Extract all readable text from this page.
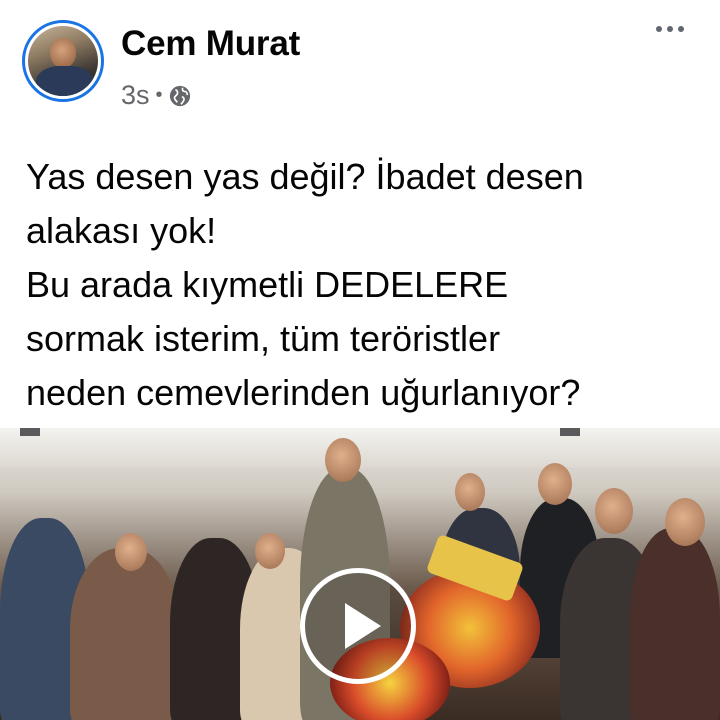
Cem Murat
3s •
Yas desen yas değil? İbadet desen
alakası yok!
Bu arada kıymetli DEDELERE
sormak isterim, tüm teröristler
neden cemevlerinden uğurlanıyor?
